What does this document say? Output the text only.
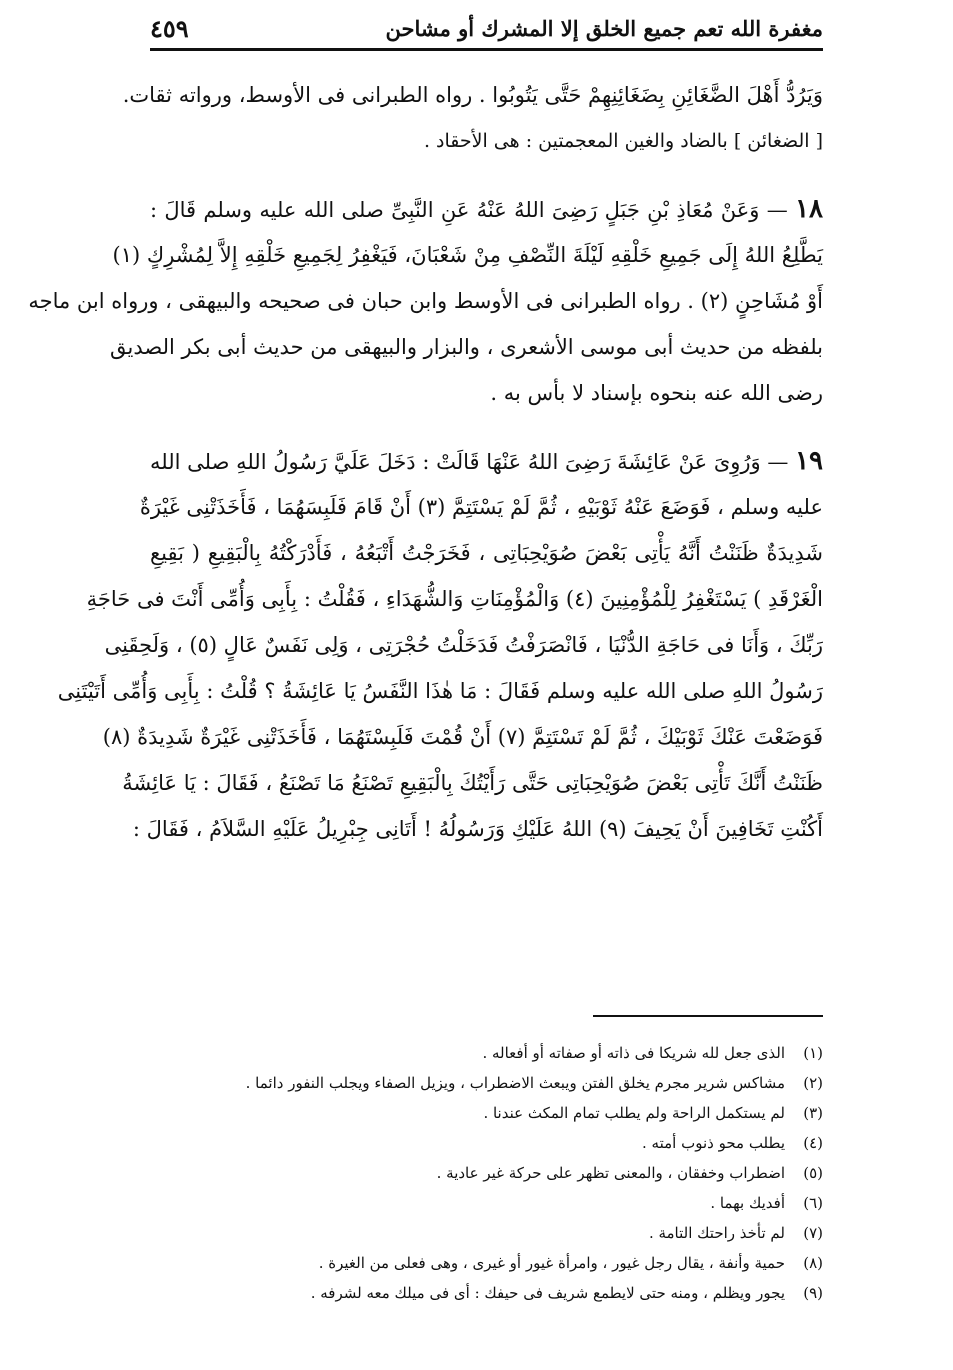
مغفرة الله تعم جميع الخلق إلا المشرك أو مشاحن
٤٥٩
وَيَرُدُّ أَهْلَ الضَّغَائِنِ بِضَغَائِنِهِمْ حَتَّى يَتُوبُوا . رواه الطبرانى فى الأوسط، ورواته ثقات.
[ الضغائن ] بالضاد والغين المعجمتين : هى الأحقاد .
١٨ — وَعَنْ مُعَاذِ بْنِ جَبَلٍ رَضِىَ اللهُ عَنْهُ عَنِ النَّبِىِّ صلى الله عليه وسلم قَالَ :
يَطَّلِعُ اللهُ إِلَى جَمِيعِ خَلْقِهِ لَيْلَةَ النِّصْفِ مِنْ شَعْبَانَ، فَيَغْفِرُ لِجَمِيعِ خَلْقِهِ إِلاَّ لِمُشْرِكٍ (١)
أَوْ مُشَاحِنٍ (٢) . رواه الطبرانى فى الأوسط وابن حبان فى صحيحه والبيهقى ، ورواه ابن ماجه
بلفظه من حديث أبى موسى الأشعرى ، والبزار والبيهقى من حديث أبى بكر الصديق
رضى الله عنه بنحوه بإسناد لا بأس به .
١٩ — وَرُوِىَ عَنْ عَائِشَةَ رَضِىَ اللهُ عَنْهَا قَالَتْ : دَخَلَ عَلَيَّ رَسُولُ اللهِ صلى الله
عليه وسلم ، فَوَضَعَ عَنْهُ ثَوْبَيْهِ ، ثُمَّ لَمْ يَسْتَتِمَّ (٣) أَنْ قَامَ فَلَبِسَهُمَا ، فَأَخَذَتْنِى غَيْرَةٌ
شَدِيدَةٌ ظَنَنْتُ أَنَّهُ يَأْتِى بَعْضَ صُوَيْحِبَاتِى ، فَخَرَجْتُ أَتْبَعُهُ ، فَأَدْرَكْتُهُ بِالْبَقِيعِ ( بَقِيعِ
الْغَرْقَدِ ) يَسْتَغْفِرُ لِلْمُؤْمِنِينَ (٤) وَالْمُؤْمِنَاتِ وَالشُّهَدَاءِ ، فَقُلْتُ : بِأَبِى وَأُمِّى أَنْتَ فى حَاجَةِ
رَبِّكَ ، وَأَنَا فى حَاجَةِ الدُّنْيَا ، فَانْصَرَفْتُ فَدَخَلْتُ حُجْرَتِى ، وَلِى نَفَسٌ عَالٍ (٥) ، وَلَحِقَنِى
رَسُولُ اللهِ صلى الله عليه وسلم فَقَالَ : مَا هٰذَا النَّفَسُ يَا عَائِشَةُ ؟ قُلْتُ : بِأَبِى وَأُمِّى أَتَيْتَنِى
فَوَضَعْتَ عَنْكَ ثَوْبَيْكَ ، ثُمَّ لَمْ تَسْتَتِمَّ (٧) أَنْ قُمْتَ فَلَبِسْتَهُمَا ، فَأَخَذَتْنِى غَيْرَةٌ شَدِيدَةٌ (٨)
ظَنَنْتُ أَنَّكَ تَأْتِى بَعْضَ صُوَيْحِبَاتِى حَتَّى رَأَيْتُكَ بِالْبَقِيعِ تَصْنَعُ مَا تَصْنَعُ ، فَقَالَ : يَا عَائِشَةُ
أَكُنْتِ تَخَافِينَ أَنْ يَحِيفَ (٩) اللهُ عَلَيْكِ وَرَسُولُهُ ! أَتَانِى جِبْرِيلُ عَلَيْهِ السَّلاَمُ ، فَقَالَ :
(١)الذى جعل لله شريكا فى ذاته أو صفاته أو أفعاله .
(٢)مشاكس شرير مجرم يخلق الفتن ويبعث الاضطراب ، ويزيل الصفاء ويجلب النفور دائما .
(٣)لم يستكمل الراحة ولم يطلب تمام المكث عندنا .
(٤)يطلب محو ذنوب أمته .
(٥)اضطراب وخفقان ، والمعنى تظهر على حركة غير عادية .
(٦)أفديك بهما .
(٧)لم تأخذ راحتك التامة .
(٨)حمية وأنفة ، يقال رجل غيور ، وامرأة غيور أو غيرى ، وهى فعلى من الغيرة .
(٩)يجور ويظلم ، ومنه حتى لايطمع شريف فى حيفك : أى فى ميلك معه لشرفه .
